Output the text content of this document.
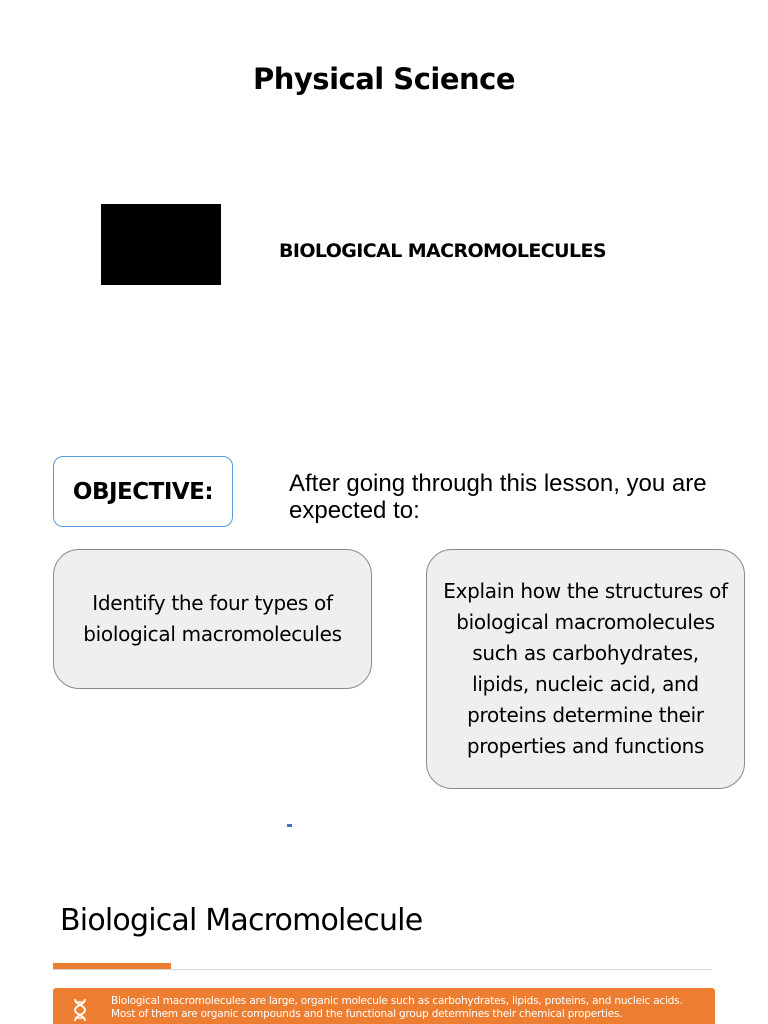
Physical Science
BIOLOGICAL MACROMOLECULES
OBJECTIVE:	After going through this lesson, you are expected to:
Identify the four types of biological macromolecules
Explain how the structures of biological macromolecules such as carbohydrates, lipids, nucleic acid, and proteins determine their properties and functions
Biological Macromolecule
Biological macromolecules are large, organic molecule such as carbohydrates, lipids, proteins, and nucleic acids. Most of them are organic compounds and the functional group determines their chemical properties.
